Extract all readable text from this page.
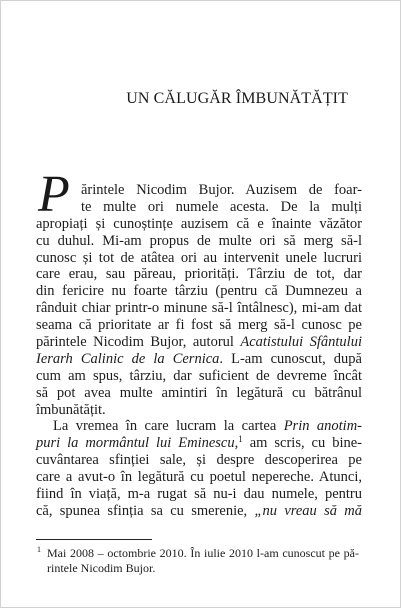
UN CĂLUGĂR ÎMBUNĂTĂȚIT
P ărintele Nicodim Bujor. Auzisem de foar-
te multe ori numele acesta. De la mulți
apropiați și cunoștințe auzisem că e înainte văzător
cu duhul. Mi-am propus de multe ori să merg să-l
cunosc și tot de atâtea ori au intervenit unele lucruri
care erau, sau păreau, priorități. Târziu de tot, dar
din fericire nu foarte târziu (pentru că Dumnezeu a
rânduit chiar printr-o minune să-l întâlnesc), mi-am dat
seama că prioritate ar fi fost să merg să-l cunosc pe
părintele Nicodim Bujor, autorul Acatistului Sfântului
Ierarh Calinic de la Cernica. L-am cunoscut, după
cum am spus, târziu, dar suficient de devreme încât
să pot avea multe amintiri în legătură cu bătrânul
îmbunătățit.
La vremea în care lucram la cartea Prin anotim-
puri la mormântul lui Eminescu,$^1$ am scris, cu bine-
cuvântarea sfinției sale, și despre descoperirea pe
care a avut-o în legătură cu poetul nepereche. Atunci,
fiind în viață, m-a rugat să nu-i dau numele, pentru
că, spunea sfinția sa cu smerenie, „nu vreau să mă
1 Mai 2008 – octombrie 2010. În iulie 2010 l-am cunoscut pe pă-
rintele Nicodim Bujor.
